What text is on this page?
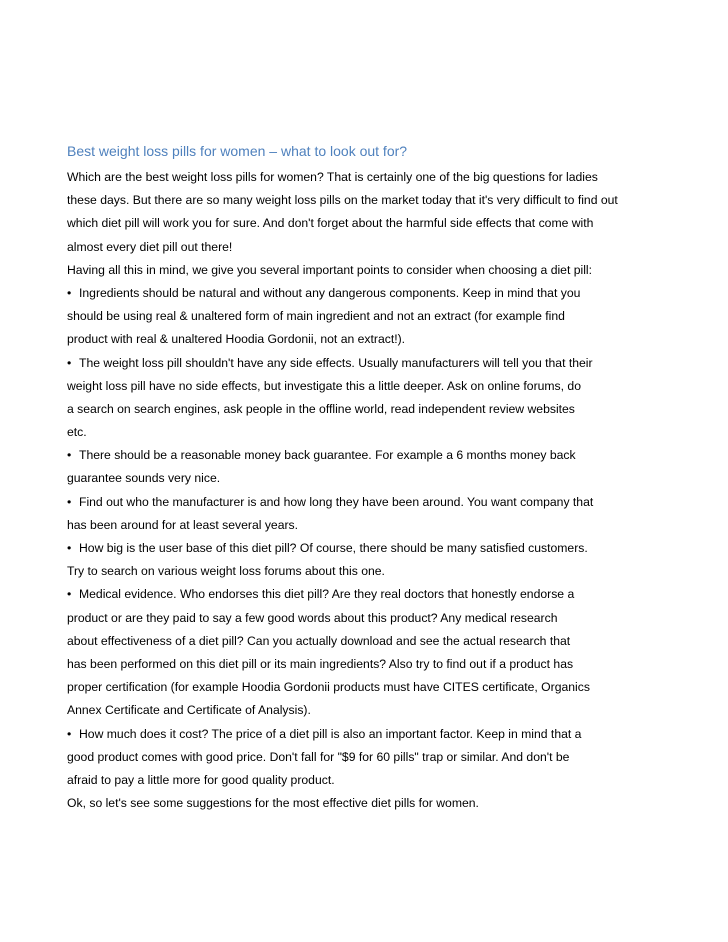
Best weight loss pills for women – what to look out for?
Which are the best weight loss pills for women? That is certainly one of the big questions for ladies
these days. But there are so many weight loss pills on the market today that it's very difficult to find out
which diet pill will work you for sure. And don't forget about the harmful side effects that come with
almost every diet pill out there!
Having all this in mind, we give you several important points to consider when choosing a diet pill:
• Ingredients should be natural and without any dangerous components. Keep in mind that you
should be using real & unaltered form of main ingredient and not an extract (for example find
product with real & unaltered Hoodia Gordonii, not an extract!).
• The weight loss pill shouldn't have any side effects. Usually manufacturers will tell you that their
weight loss pill have no side effects, but investigate this a little deeper. Ask on online forums, do
a search on search engines, ask people in the offline world, read independent review websites
etc.
• There should be a reasonable money back guarantee. For example a 6 months money back
guarantee sounds very nice.
• Find out who the manufacturer is and how long they have been around. You want company that
has been around for at least several years.
• How big is the user base of this diet pill? Of course, there should be many satisfied customers.
Try to search on various weight loss forums about this one.
• Medical evidence. Who endorses this diet pill? Are they real doctors that honestly endorse a
product or are they paid to say a few good words about this product? Any medical research
about effectiveness of a diet pill? Can you actually download and see the actual research that
has been performed on this diet pill or its main ingredients? Also try to find out if a product has
proper certification (for example Hoodia Gordonii products must have CITES certificate, Organics
Annex Certificate and Certificate of Analysis).
• How much does it cost? The price of a diet pill is also an important factor. Keep in mind that a
good product comes with good price. Don't fall for "$9 for 60 pills" trap or similar. And don't be
afraid to pay a little more for good quality product.
Ok, so let's see some suggestions for the most effective diet pills for women.
